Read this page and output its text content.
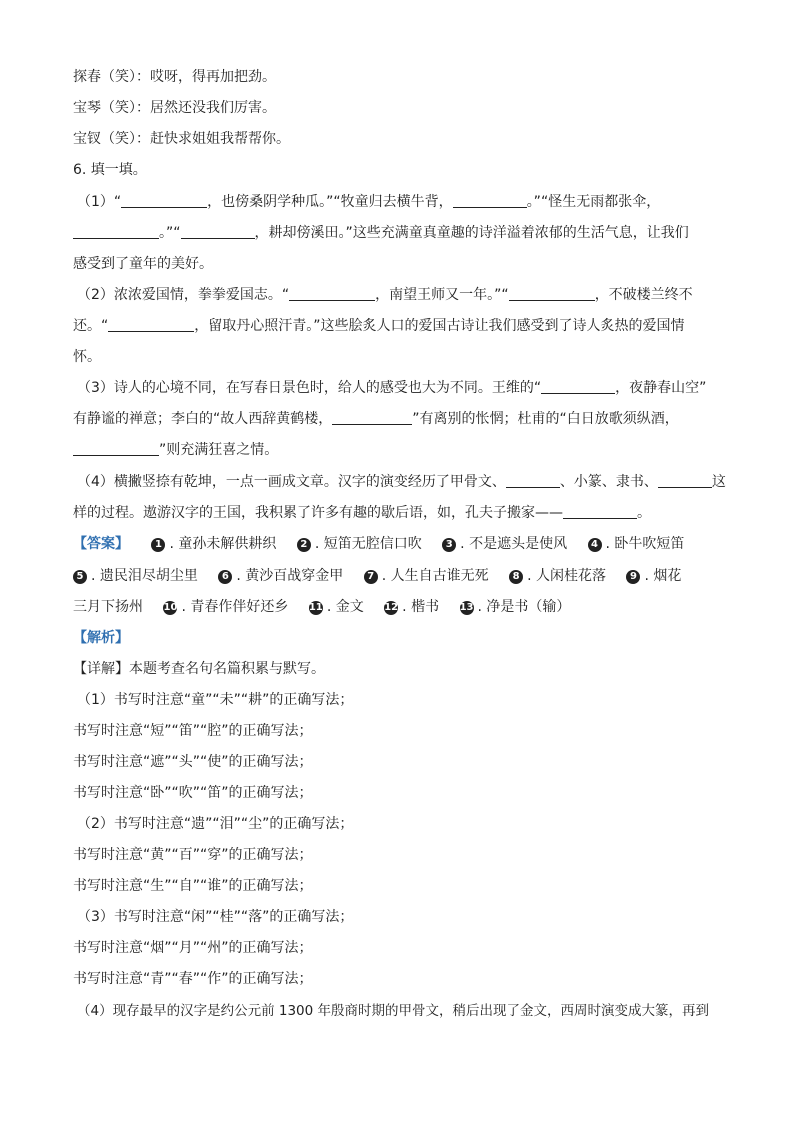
探春（笑）：哎呀，得再加把劲。
宝琴（笑）：居然还没我们厉害。
宝钗（笑）：赶快求姐姐我帮帮你。
6. 填一填。
（1）“	，也傍桑阴学种瓜。”“牧童归去横牛背，	。”“怪生无雨都张伞，
。”“	，耕却傍溪田。”这些充满童真童趣的诗洋溢着浓郁的生活气息，让我们
感受到了童年的美好。
（2）浓浓爱国情，拳拳爱国志。“	，南望王师又一年。”“	，不破楼兰终不
还。“	，留取丹心照汗青。”这些脍炙人口的爱国古诗让我们感受到了诗人炙热的爱国情
怀。
（3）诗人的心境不同，在写春日景色时，给人的感受也大为不同。王维的“	，夜静春山空”
有静谧的禅意；李白的“故人西辞黄鹤楼，	”有离别的怅惘；杜甫的“白日放歌须纵酒，
”则充满狂喜之情。
（4）横撇竖捺有乾坤，一点一画成文章。汉字的演变经历了甲骨文、	、小篆、隶书、	这
样的过程。遨游汉字的王国，我积累了许多有趣的歇后语，如，孔夫子搬家——	。
【答案】	1 . 童孙未解供耕织 2 . 短笛无腔信口吹 3 . 不是遮头是使风 4 . 卧牛吹短笛
5 . 遗民泪尽胡尘里 6 . 黄沙百战穿金甲 7 . 人生自古谁无死 8 . 人闲桂花落 9 . 烟花
三月下扬州 10 . 青春作伴好还乡 11 . 金文 12 . 楷书 13 . 净是书（输）
【解析】
【详解】本题考查名句名篇积累与默写。
（1）书写时注意“童”“未”“耕”的正确写法；
书写时注意“短”“笛”“腔”的正确写法；
书写时注意“遮”“头”“使”的正确写法；
书写时注意“卧”“吹”“笛”的正确写法；
（2）书写时注意“遗”“泪”“尘”的正确写法；
书写时注意“黄”“百”“穿”的正确写法；
书写时注意“生”“自”“谁”的正确写法；
（3）书写时注意“闲”“桂”“落”的正确写法；
书写时注意“烟”“月”“州”的正确写法；
书写时注意“青”“春”“作”的正确写法；
（4）现存最早的汉字是约公元前 1300 年殷商时期的甲骨文，稍后出现了金文，西周时演变成大篆，再到
